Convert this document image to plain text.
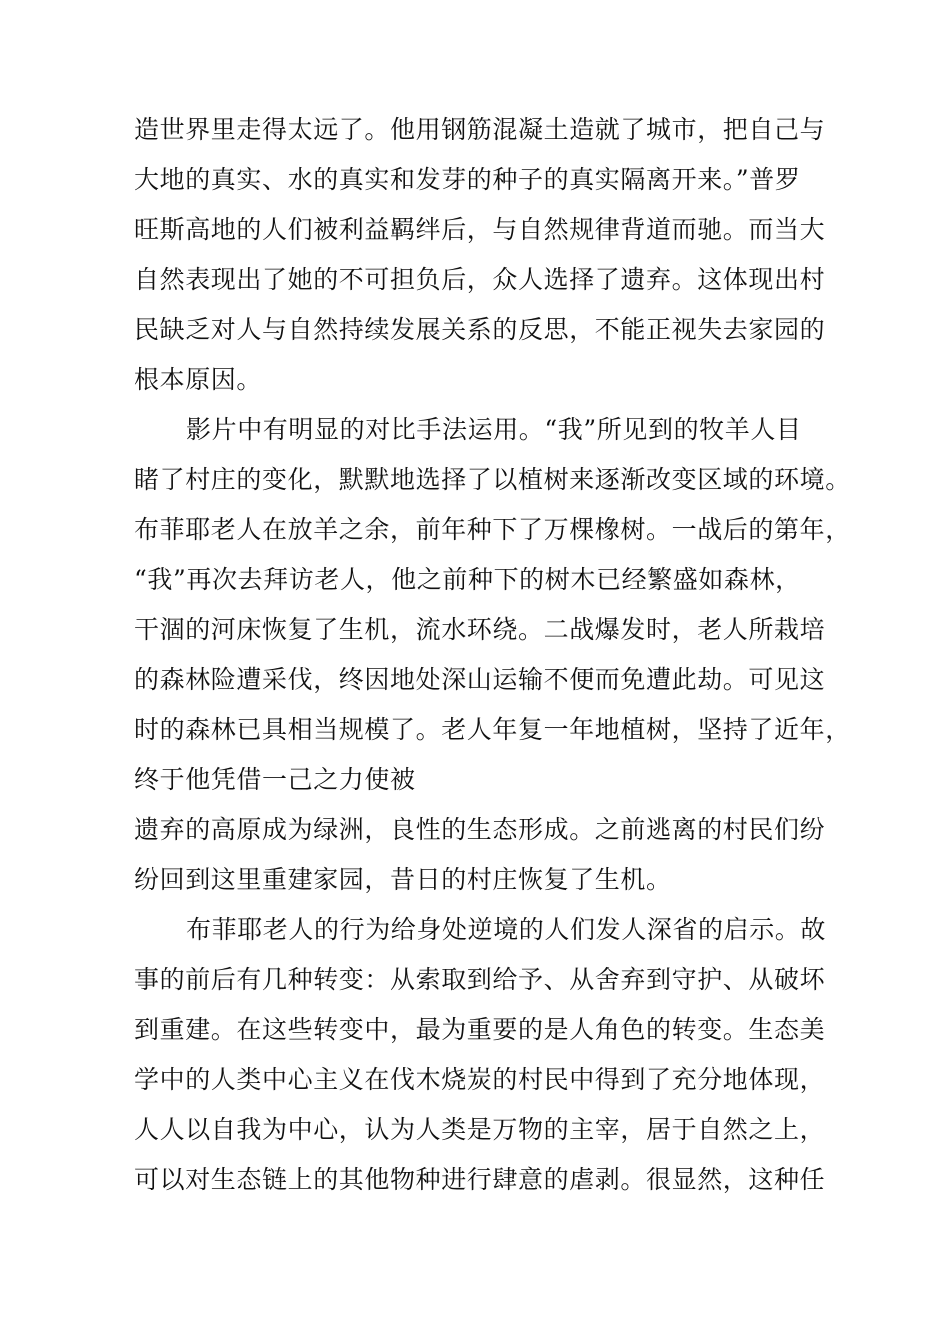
造世界里走得太远了。他用钢筋混凝土造就了城市，把自己与
大地的真实、水的真实和发芽的种子的真实隔离开来。”普罗
旺斯高地的人们被利益羁绊后，与自然规律背道而驰。而当大
自然表现出了她的不可担负后，众人选择了遗弃。这体现出村
民缺乏对人与自然持续发展关系的反思，不能正视失去家园的
根本原因。
影片中有明显的对比手法运用。“我”所见到的牧羊人目
睹了村庄的变化，默默地选择了以植树来逐渐改变区域的环境。
布菲耶老人在放羊之余，前年种下了万棵橡树。一战后的第年，
“我”再次去拜访老人，他之前种下的树木已经繁盛如森林，
干涸的河床恢复了生机，流水环绕。二战爆发时，老人所栽培
的森林险遭采伐，终因地处深山运输不便而免遭此劫。可见这
时的森林已具相当规模了。老人年复一年地植树，坚持了近年，
终于他凭借一己之力使被
遗弃的高原成为绿洲，良性的生态形成。之前逃离的村民们纷
纷回到这里重建家园，昔日的村庄恢复了生机。
布菲耶老人的行为给身处逆境的人们发人深省的启示。故
事的前后有几种转变：从索取到给予、从舍弃到守护、从破坏
到重建。在这些转变中，最为重要的是人角色的转变。生态美
学中的人类中心主义在伐木烧炭的村民中得到了充分地体现，
人人以自我为中心，认为人类是万物的主宰，居于自然之上，
可以对生态链上的其他物种进行肆意的虐剥。很显然，这种任
